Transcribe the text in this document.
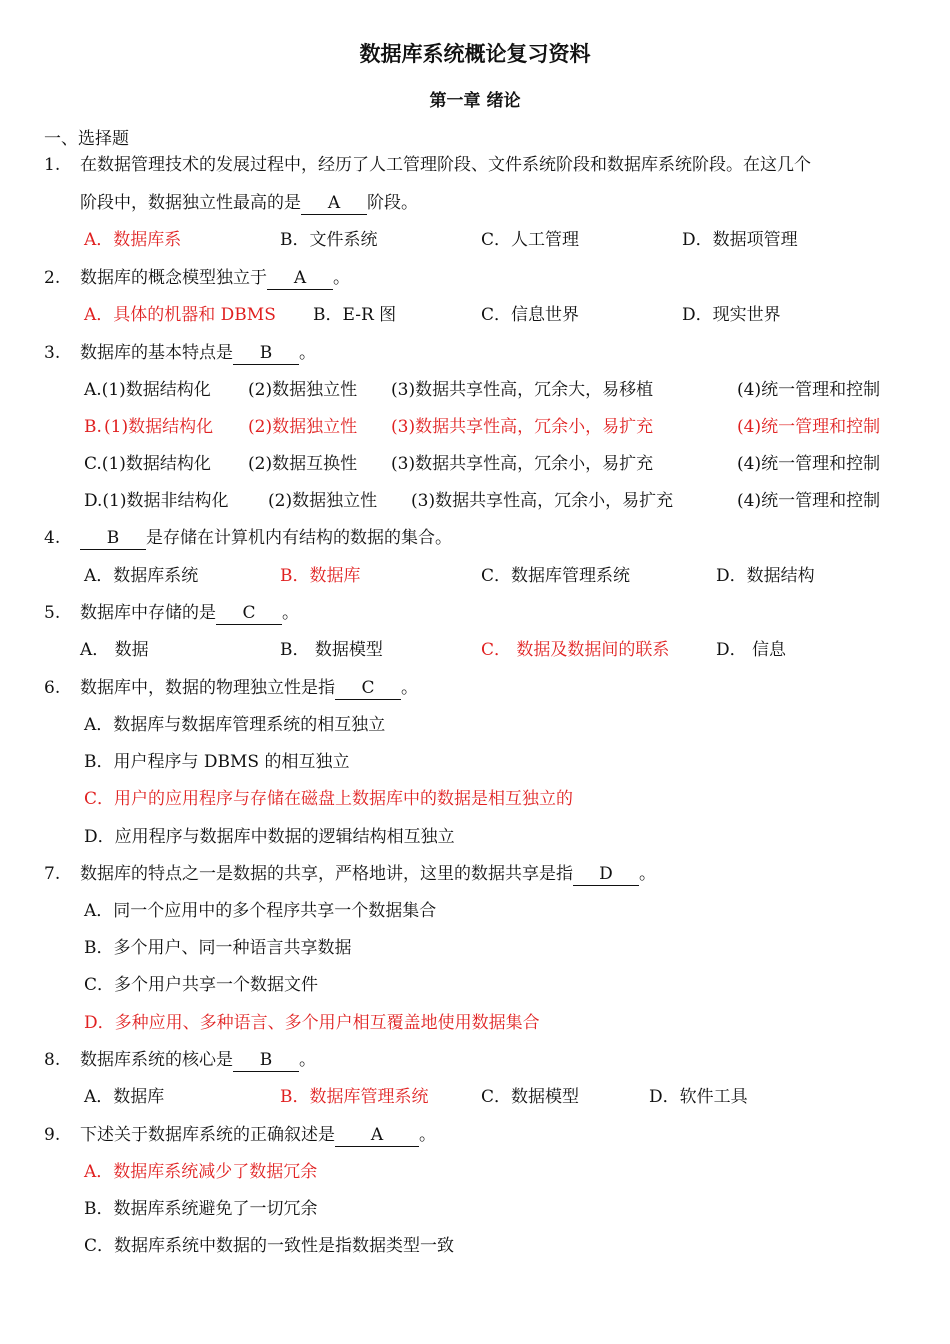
数据库系统概论复习资料
第一章 绪论
一、选择题
1. 在数据管理技术的发展过程中，经历了人工管理阶段、文件系统阶段和数据库系统阶段。在这几个
阶段中，数据独立性最高的是 A 阶段。
A．数据库系	B．文件系统	C．人工管理	D．数据项管理
2. 数据库的概念模型独立于 A 。
A．具体的机器和 DBMS B．E-R 图	C．信息世界	D．现实世界
3. 数据库的基本特点是 B 。
A.(1)数据结构化 (2)数据独立性 (3)数据共享性高，冗余大，易移植	(4)统一管理和控制
B. (1)数据结构化 (2)数据独立性 (3)数据共享性高，冗余小，易扩充	(4)统一管理和控制
C.(1)数据结构化 (2)数据互换性 (3)数据共享性高，冗余小，易扩充	(4)统一管理和控制
D.(1)数据非结构化 (2)数据独立性 (3)数据共享性高，冗余小，易扩充	(4)统一管理和控制
4.	B 是存储在计算机内有结构的数据的集合。
A．数据库系统	B．数据库	C．数据库管理系统	D．数据结构
5. 数据库中存储的是 C 。
A． 数据	B． 数据模型	C． 数据及数据间的联系	D． 信息
6. 数据库中，数据的物理独立性是指 C 。
A．数据库与数据库管理系统的相互独立
B．用户程序与 DBMS 的相互独立
C．用户的应用程序与存储在磁盘上数据库中的数据是相互独立的
D．应用程序与数据库中数据的逻辑结构相互独立
7. 数据库的特点之一是数据的共享，严格地讲，这里的数据共享是指 D 。
A．同一个应用中的多个程序共享一个数据集合
B．多个用户、同一种语言共享数据
C．多个用户共享一个数据文件
D．多种应用、多种语言、多个用户相互覆盖地使用数据集合
8. 数据库系统的核心是 B 。
A．数据库	B．数据库管理系统	C．数据模型	D．软件工具
9. 下述关于数据库系统的正确叙述是 A 。
A．数据库系统减少了数据冗余
B．数据库系统避免了一切冗余
C．数据库系统中数据的一致性是指数据类型一致
